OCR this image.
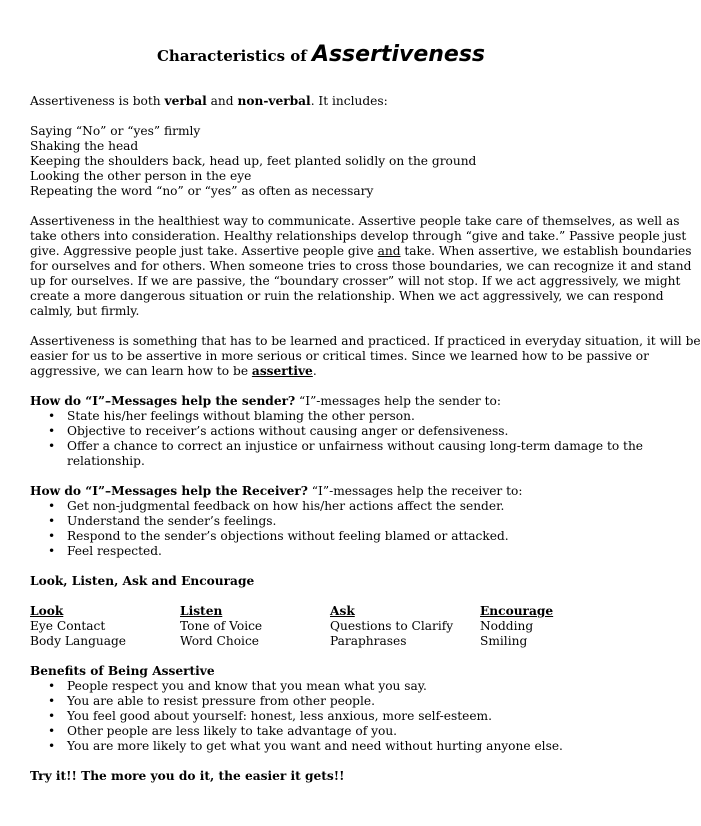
Characteristics of Assertiveness

Assertiveness is both verbal and non-verbal. It includes:

Saying “No” or “yes” firmly

Shaking the head

Keeping the shoulders back, head up, feet planted solidly on the ground

Looking the other person in the eye

Repeating the word “no” or “yes” as often as necessary

Assertiveness in the healthiest way to communicate. Assertive people take care of themselves, as well as

take others into consideration. Healthy relationships develop through “give and take.” Passive people just

give. Aggressive people just take. Assertive people give and take. When assertive, we establish boundaries

for ourselves and for others. When someone tries to cross those boundaries, we can recognize it and stand

up for ourselves. If we are passive, the “boundary crosser” will not stop. If we act aggressively, we might

create a more dangerous situation or ruin the relationship. When we act aggressively, we can respond

calmly, but firmly.

Assertiveness is something that has to be learned and practiced. If practiced in everyday situation, it will be

easier for us to be assertive in more serious or critical times. Since we learned how to be passive or

aggressive, we can learn how to be assertive.

How do “I”–Messages help the sender? “I”-messages help the sender to:

• State his/her feelings without blaming the other person.
• Objective to receiver’s actions without causing anger or defensiveness.
• Offer a chance to correct an injustice or unfairness without causing long-term damage to the
relationship.

How do “I”–Messages help the Receiver? “I”-messages help the receiver to:

• Get non-judgmental feedback on how his/her actions affect the sender.
• Understand the sender’s feelings.
• Respond to the sender’s objections without feeling blamed or attacked.
• Feel respected.

Look, Listen, Ask and Encourage

Look	Listen	Ask	Encourage
Eye Contact	Tone of Voice	Questions to Clarify	Nodding
Body Language	Word Choice	Paraphrases	Smiling

Benefits of Being Assertive

• People respect you and know that you mean what you say.
• You are able to resist pressure from other people.
• You feel good about yourself: honest, less anxious, more self-esteem.
• Other people are less likely to take advantage of you.
• You are more likely to get what you want and need without hurting anyone else.

Try it!! The more you do it, the easier it gets!!
